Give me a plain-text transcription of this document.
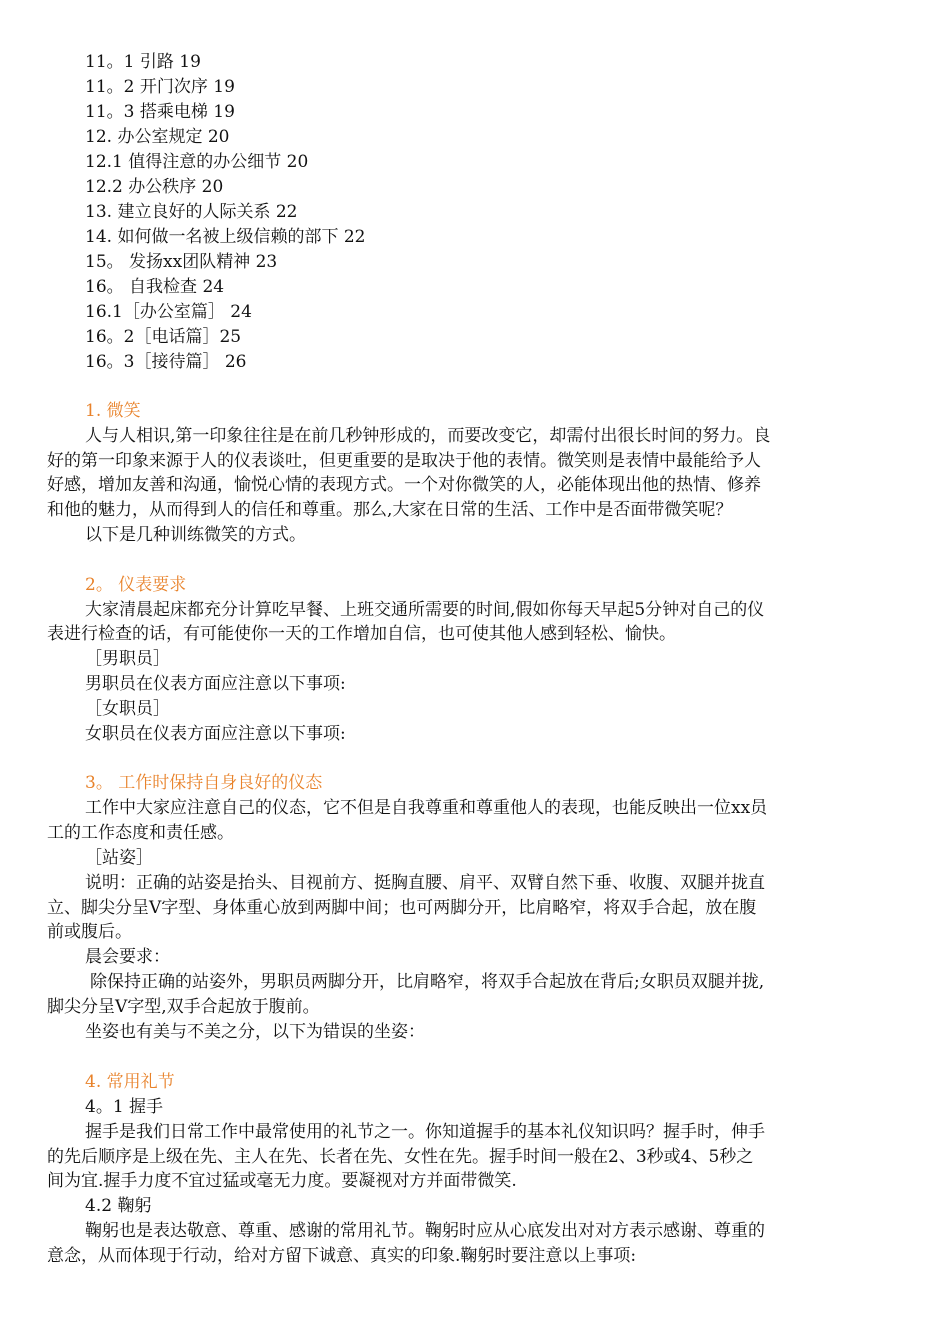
11。1 引路 19
11。2 开门次序 19
11。3 搭乘电梯 19
12. 办公室规定 20
12.1 值得注意的办公细节 20
12.2 办公秩序 20
13. 建立良好的人际关系 22
14. 如何做一名被上级信赖的部下 22
15。 发扬xx团队精神 23
16。 自我检查 24
16.1［办公室篇］ 24
16。2［电话篇］25
16。3［接待篇］ 26
1. 微笑
人与人相识,第一印象往往是在前几秒钟形成的，而要改变它，却需付出很长时间的努力。良
好的第一印象来源于人的仪表谈吐，但更重要的是取决于他的表情。微笑则是表情中最能给予人
好感，增加友善和沟通，愉悦心情的表现方式。一个对你微笑的人，必能体现出他的热情、修养
和他的魅力，从而得到人的信任和尊重。那么,大家在日常的生活、工作中是否面带微笑呢？
以下是几种训练微笑的方式。
2。 仪表要求
大家清晨起床都充分计算吃早餐、上班交通所需要的时间,假如你每天早起5分钟对自己的仪
表进行检查的话，有可能使你一天的工作增加自信，也可使其他人感到轻松、愉快。
［男职员］
男职员在仪表方面应注意以下事项:
［女职员］
女职员在仪表方面应注意以下事项:
3。 工作时保持自身良好的仪态
工作中大家应注意自己的仪态，它不但是自我尊重和尊重他人的表现，也能反映出一位xx员
工的工作态度和责任感。
［站姿］
说明：正确的站姿是抬头、目视前方、挺胸直腰、肩平、双臂自然下垂、收腹、双腿并拢直
立、脚尖分呈V字型、身体重心放到两脚中间；也可两脚分开，比肩略窄，将双手合起，放在腹
前或腹后。
晨会要求：
除保持正确的站姿外，男职员两脚分开，比肩略窄，将双手合起放在背后;女职员双腿并拢,
脚尖分呈V字型,双手合起放于腹前。
坐姿也有美与不美之分，以下为错误的坐姿：
4. 常用礼节
4。1 握手
握手是我们日常工作中最常使用的礼节之一。你知道握手的基本礼仪知识吗？握手时，伸手
的先后顺序是上级在先、主人在先、长者在先、女性在先。握手时间一般在2、3秒或4、5秒之
间为宜.握手力度不宜过猛或毫无力度。要凝视对方并面带微笑.
4.2 鞠躬
鞠躬也是表达敬意、尊重、感谢的常用礼节。鞠躬时应从心底发出对对方表示感谢、尊重的
意念，从而体现于行动，给对方留下诚意、真实的印象.鞠躬时要注意以上事项:
